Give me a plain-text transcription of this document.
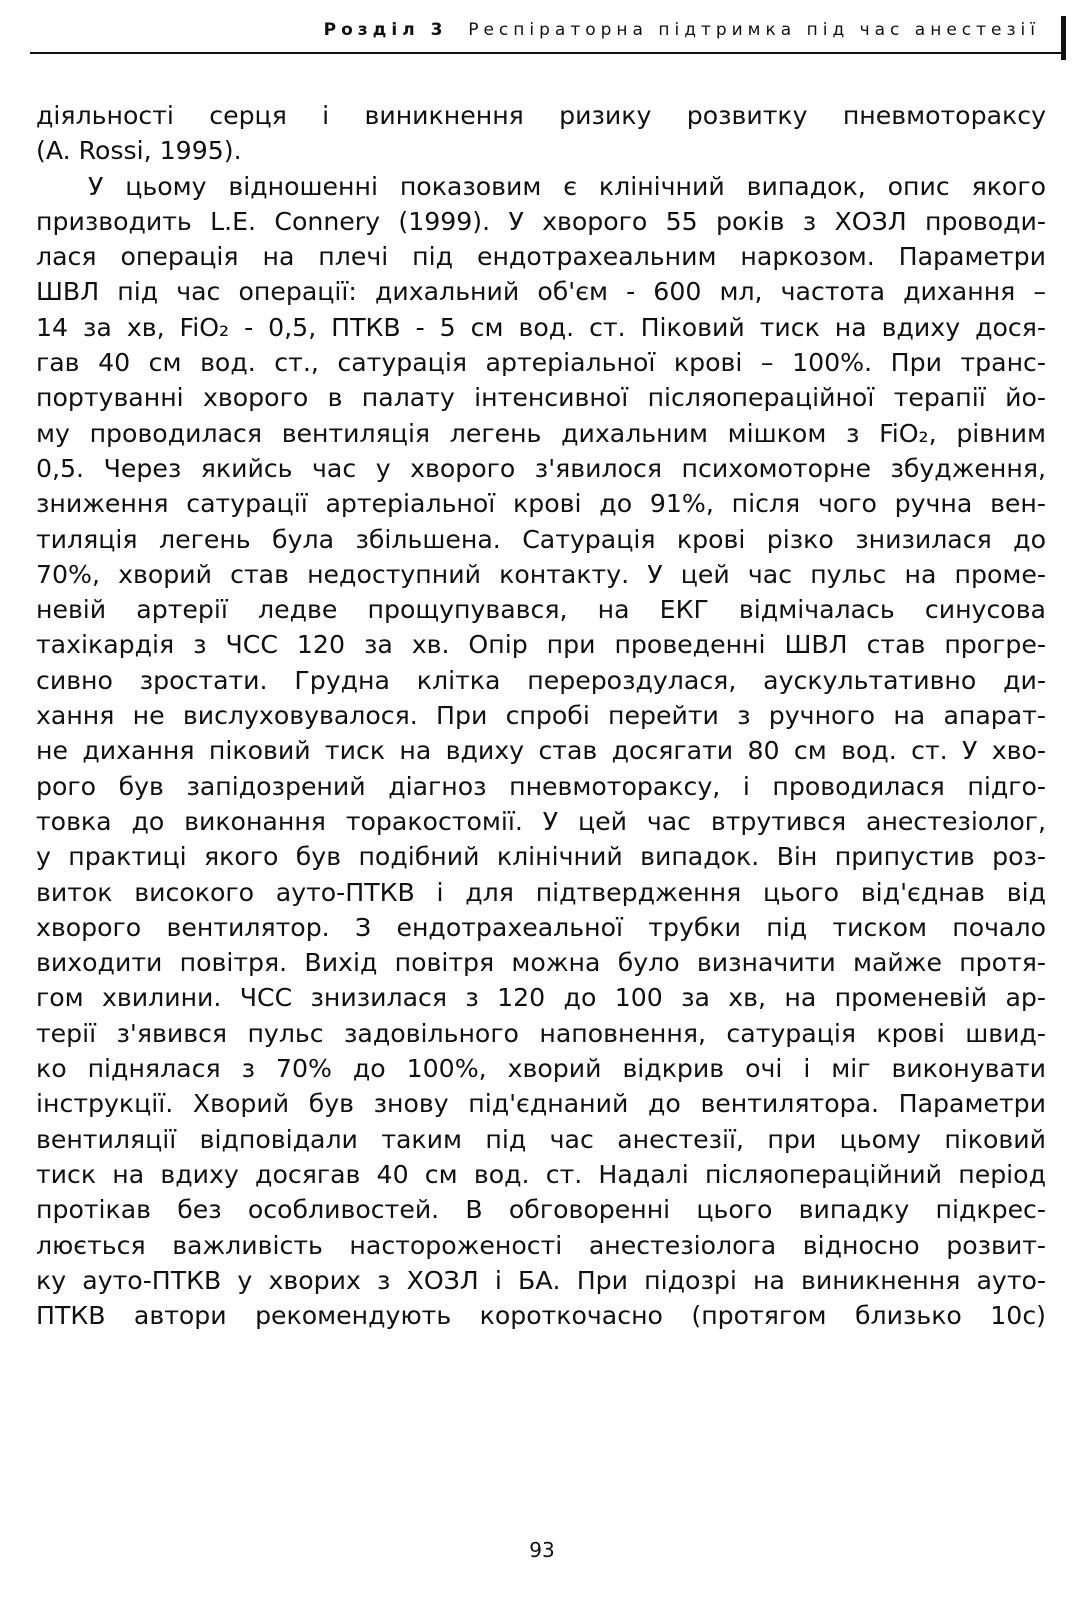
Розділ 3 Респіраторна підтримка під час анестезії
діяльності серця і виникнення ризику розвитку пневмотораксу
(A. Rossi, 1995).
У цьому відношенні показовим є клінічний випадок, опис якого
призводить L.E. Connery (1999). У хворого 55 років з ХОЗЛ проводи-
лася операція на плечі під ендотрахеальним наркозом. Параметри
ШВЛ під час операції: дихальний об'єм - 600 мл, частота дихання –
14 за хв, FiO₂ - 0,5, ПТКВ - 5 см вод. ст. Піковий тиск на вдиху дося-
гав 40 см вод. ст., сатурація артеріальної крові – 100%. При транс-
портуванні хворого в палату інтенсивної післяопераційної терапії йо-
му проводилася вентиляція легень дихальним мішком з FiO₂, рівним
0,5. Через якийсь час у хворого з'явилося психомоторне збудження,
зниження сатурації артеріальної крові до 91%, після чого ручна вен-
тиляція легень була збільшена. Сатурація крові різко знизилася до
70%, хворий став недоступний контакту. У цей час пульс на проме-
невій артерії ледве прощупувався, на ЕКГ відмічалась синусова
тахікардія з ЧСС 120 за хв. Опір при проведенні ШВЛ став прогре-
сивно зростати. Грудна клітка перероздулася, аускультативно ди-
хання не вислуховувалося. При спробі перейти з ручного на апарат-
не дихання піковий тиск на вдиху став досягати 80 см вод. ст. У хво-
рого був запідозрений діагноз пневмотораксу, і проводилася підго-
товка до виконання торакостомії. У цей час втрутився анестезіолог,
у практиці якого був подібний клінічний випадок. Він припустив роз-
виток високого ауто-ПТКВ і для підтвердження цього від'єднав від
хворого вентилятор. З ендотрахеальної трубки під тиском почало
виходити повітря. Вихід повітря можна було визначити майже протя-
гом хвилини. ЧСС знизилася з 120 до 100 за хв, на променевій ар-
терії з'явився пульс задовільного наповнення, сатурація крові швид-
ко піднялася з 70% до 100%, хворий відкрив очі і міг виконувати
інструкції. Хворий був знову під'єднаний до вентилятора. Параметри
вентиляції відповідали таким під час анестезії, при цьому піковий
тиск на вдиху досягав 40 см вод. ст. Надалі післяопераційний період
протікав без особливостей. В обговоренні цього випадку підкрес-
люється важливість настороженості анестезіолога відносно розвит-
ку ауто-ПТКВ у хворих з ХОЗЛ і БА. При підозрі на виникнення ауто-
ПТКВ автори рекомендують короткочасно (протягом близько 10с)
93
